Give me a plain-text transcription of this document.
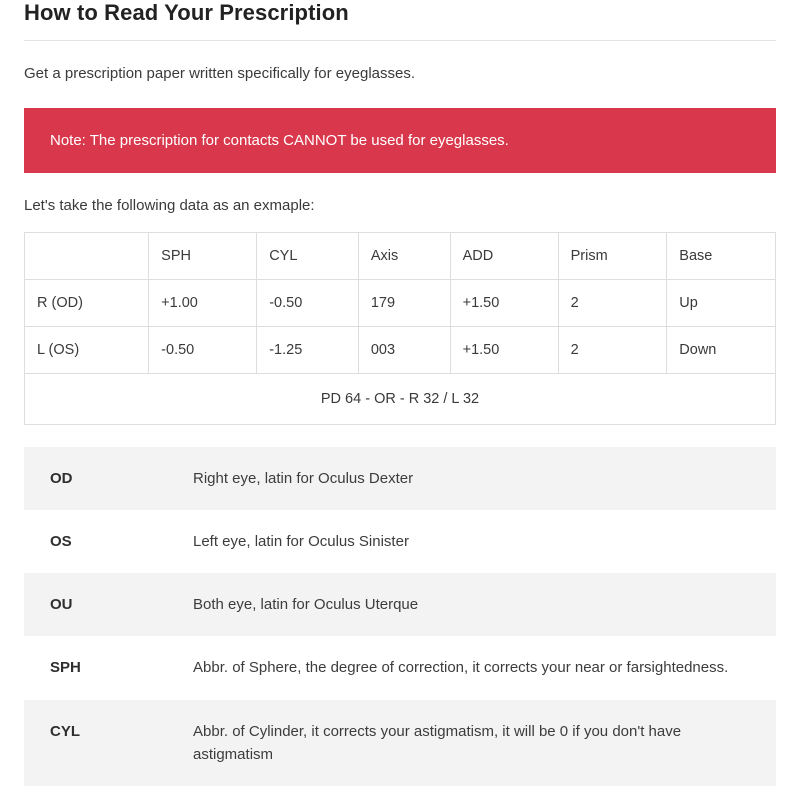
How to Read Your Prescription

Get a prescription paper written specifically for eyeglasses.

Note: The prescription for contacts CANNOT be used for eyeglasses.

Let's take the following data as an exmaple:

	SPH	CYL	Axis	ADD	Prism	Base
R (OD)	+1.00	-0.50	179	+1.50	2	Up
L (OS)	-0.50	-1.25	003	+1.50	2	Down
PD 64 - OR - R 32 / L 32						
OD	Right eye, latin for Oculus Dexter
OS	Left eye, latin for Oculus Sinister
OU	Both eye, latin for Oculus Uterque
SPH	Abbr. of Sphere, the degree of correction, it corrects your near or farsightedness.
CYL	Abbr. of Cylinder, it corrects your astigmatism, it will be 0 if you don't have astigmatism
